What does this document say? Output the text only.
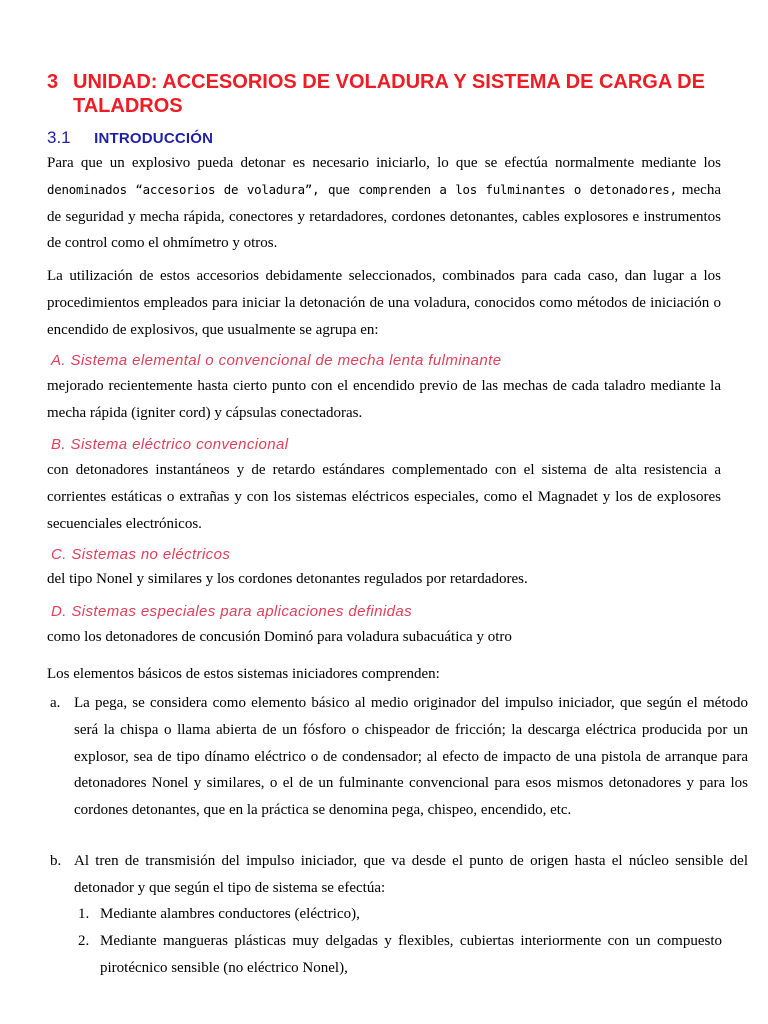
3 UNIDAD: ACCESORIOS DE VOLADURA Y SISTEMA DE CARGA DE TALADROS
3.1 INTRODUCCIÓN

Para que un explosivo pueda detonar es necesario iniciarlo, lo que se efectúa normalmente mediante los denominados “accesorios de voladura”, que comprenden a los fulminantes o detonadores, mecha de seguridad y mecha rápida, conectores y retardadores, cordones detonantes, cables explosores e instrumentos de control como el ohmímetro y otros.

La utilización de estos accesorios debidamente seleccionados, combinados para cada caso, dan lugar a los procedimientos empleados para iniciar la detonación de una voladura, conocidos como métodos de iniciación o encendido de explosivos, que usualmente se agrupa en:

A. Sistema elemental o convencional de mecha lenta fulminante

mejorado recientemente hasta cierto punto con el encendido previo de las mechas de cada taladro mediante la mecha rápida (igniter cord) y cápsulas conectadoras.

B. Sistema eléctrico convencional

con detonadores instantáneos y de retardo estándares complementado con el sistema de alta resistencia a corrientes estáticas o extrañas y con los sistemas eléctricos especiales, como el Magnadet y los de explosores secuenciales electrónicos.

C. Sistemas no eléctricos

del tipo Nonel y similares y los cordones detonantes regulados por retardadores.

D. Sistemas especiales para aplicaciones definidas

como los detonadores de concusión Dominó para voladura subacuática y otro

Los elementos básicos de estos sistemas iniciadores comprenden:

a. La pega, se considera como elemento básico al medio originador del impulso iniciador, que según el método será la chispa o llama abierta de un fósforo o chispeador de fricción; la descarga eléctrica producida por un explosor, sea de tipo dínamo eléctrico o de condensador; al efecto de impacto de una pistola de arranque para detonadores Nonel y similares, o el de un fulminante convencional para esos mismos detonadores y para los cordones detonantes, que en la práctica se denomina pega, chispeo, encendido, etc.
b. Al tren de transmisión del impulso iniciador, que va desde el punto de origen hasta el núcleo sensible del detonador y que según el tipo de sistema se efectúa:
1. Mediante alambres conductores (eléctrico),
2. Mediante mangueras plásticas muy delgadas y flexibles, cubiertas interiormente con un compuesto pirotécnico sensible (no eléctrico Nonel),
